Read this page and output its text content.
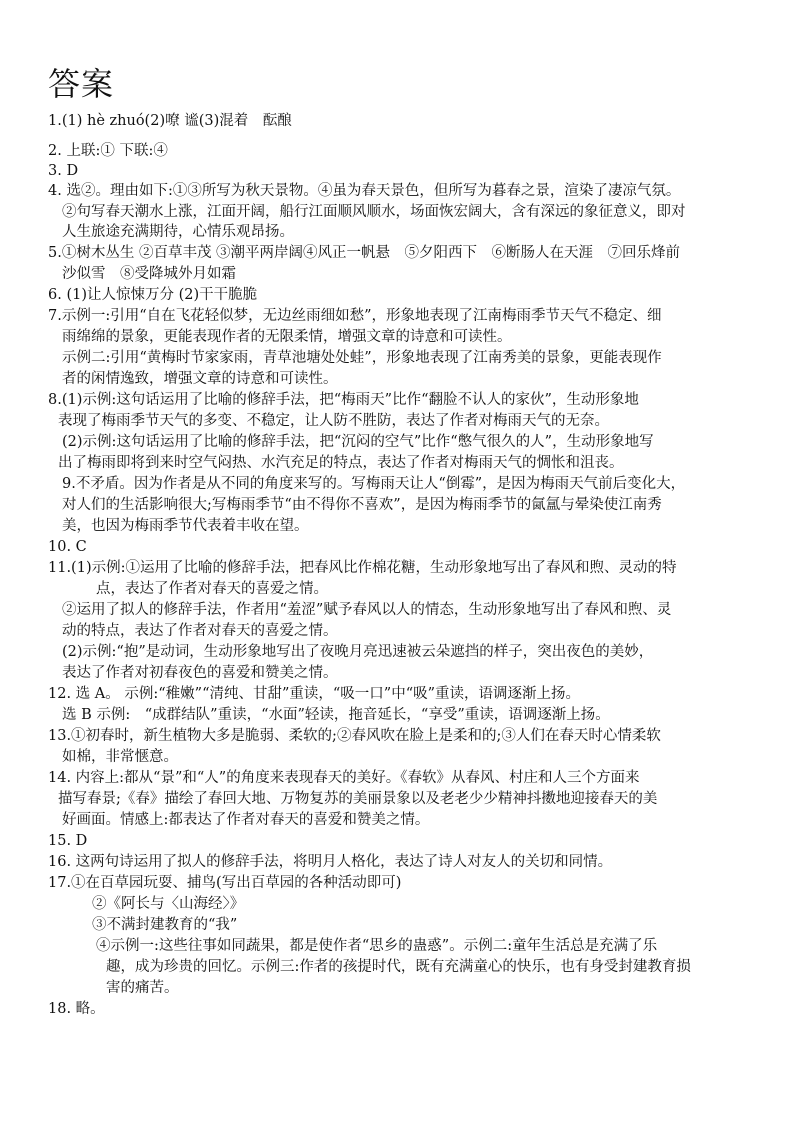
答案
1.(1) hè zhuó(2)嘹 谧(3)混着　酝酿
2. 上联:① 下联:④
3. D
4. 选②。理由如下:①③所写为秋天景物。④虽为春天景色，但所写为暮春之景，渲染了凄凉气氛。
②句写春天潮水上涨，江面开阔，船行江面顺风顺水，场面恢宏阔大，含有深远的象征意义，即对
人生旅途充满期待，心情乐观昂扬。
5.①树木丛生 ②百草丰茂 ③潮平两岸阔④风正一帆悬　⑤夕阳西下　⑥断肠人在天涯　⑦回乐烽前
沙似雪　⑧受降城外月如霜
6. (1)让人惊悚万分 (2)干干脆脆
7.示例一:引用“自在飞花轻似梦，无边丝雨细如愁”，形象地表现了江南梅雨季节天气不稳定、细
雨绵绵的景象，更能表现作者的无限柔情，增强文章的诗意和可读性。
示例二:引用“黄梅时节家家雨，青草池塘处处蛙”，形象地表现了江南秀美的景象，更能表现作
者的闲情逸致，增强文章的诗意和可读性。
8.(1)示例:这句话运用了比喻的修辞手法，把“梅雨天”比作“翻脸不认人的家伙”，生动形象地
表现了梅雨季节天气的多变、不稳定，让人防不胜防，表达了作者对梅雨天气的无奈。
(2)示例:这句话运用了比喻的修辞手法，把“沉闷的空气”比作“憋气很久的人”，生动形象地写
出了梅雨即将到来时空气闷热、水汽充足的特点，表达了作者对梅雨天气的惆怅和沮丧。
9.不矛盾。因为作者是从不同的角度来写的。写梅雨天让人“倒霉”，是因为梅雨天气前后变化大，
对人们的生活影响很大;写梅雨季节“由不得你不喜欢”，是因为梅雨季节的氤氲与晕染使江南秀
美，也因为梅雨季节代表着丰收在望。
10. C
11.(1)示例:①运用了比喻的修辞手法，把春风比作棉花糖，生动形象地写出了春风和煦、灵动的特
点，表达了作者对春天的喜爱之情。
②运用了拟人的修辞手法，作者用“羞涩”赋予春风以人的情态，生动形象地写出了春风和煦、灵
动的特点，表达了作者对春天的喜爱之情。
(2)示例:“抱”是动词，生动形象地写出了夜晚月亮迅速被云朵遮挡的样子，突出夜色的美妙，
表达了作者对初春夜色的喜爱和赞美之情。
12. 选 A。 示例:“稚嫩”“清纯、甘甜”重读，“吸一口”中“吸”重读，语调逐渐上扬。
选 B 示例:　“成群结队”重读，“水面”轻读，拖音延长，“享受”重读，语调逐渐上扬。
13.①初春时，新生植物大多是脆弱、柔软的;②春风吹在脸上是柔和的;③人们在春天时心情柔软
如棉，非常惬意。
14. 内容上:都从“景”和“人”的角度来表现春天的美好。《春软》从春风、村庄和人三个方面来
描写春景;《春》描绘了春回大地、万物复苏的美丽景象以及老老少少精神抖擞地迎接春天的美
好画面。情感上:都表达了作者对春天的喜爱和赞美之情。
15. D
16. 这两句诗运用了拟人的修辞手法，将明月人格化，表达了诗人对友人的关切和同情。
17.①在百草园玩耍、捕鸟(写出百草园的各种活动即可)
②《阿长与〈山海经〉》
③不满封建教育的“我”
④示例一:这些往事如同蔬果，都是使作者“思乡的蛊惑”。示例二:童年生活总是充满了乐
趣，成为珍贵的回忆。示例三:作者的孩提时代，既有充满童心的快乐，也有身受封建教育损
害的痛苦。
18. 略。
